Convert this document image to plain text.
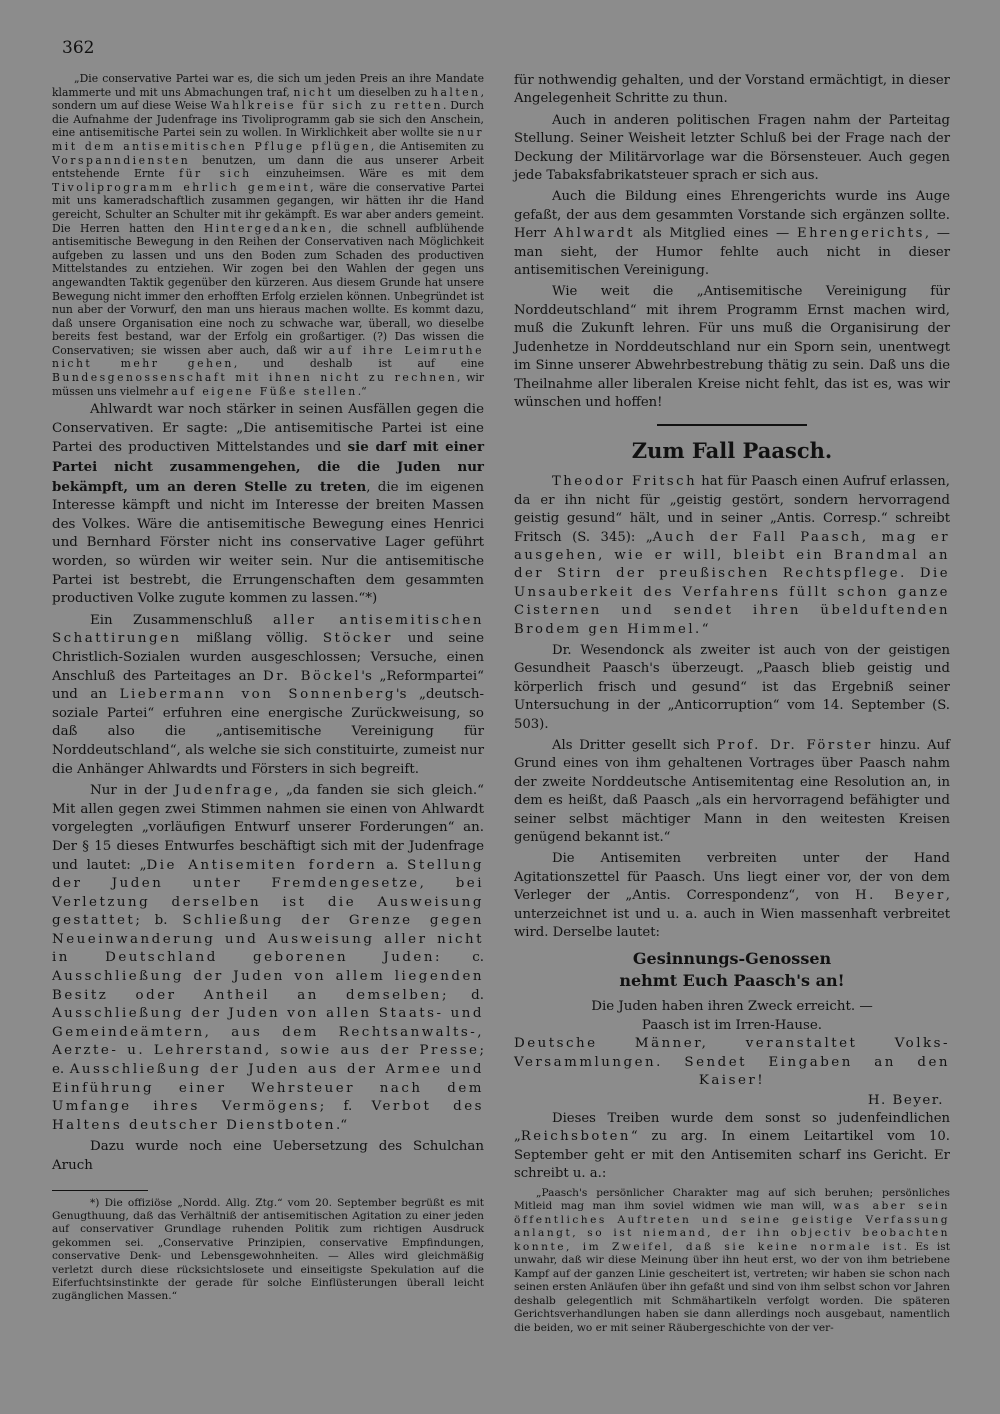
362

„Die conservative Partei war es, die sich um jeden Preis an ihre Mandate klammerte und mit uns Abmachungen traf, nicht um dieselben zu halten, sondern um auf diese Weise Wahlkreise für sich zu retten. Durch die Aufnahme der Judenfrage ins Tivoliprogramm gab sie sich den Anschein, eine antisemitische Partei sein zu wollen. In Wirklichkeit aber wollte sie nur mit dem antisemitischen Pfluge pflügen, die Antisemiten zu Vorspanndiensten benutzen, um dann die aus unserer Arbeit entstehende Ernte für sich einzuheimsen. Wäre es mit dem Tivoliprogramm ehrlich gemeint, wäre die conservative Partei mit uns kameradschaftlich zusammen gegangen, wir hätten ihr die Hand gereicht, Schulter an Schulter mit ihr gekämpft. Es war aber anders gemeint. Die Herren hatten den Hintergedanken, die schnell aufblühende antisemitische Bewegung in den Reihen der Conservativen nach Möglichkeit aufgeben zu lassen und uns den Boden zum Schaden des productiven Mittelstandes zu entziehen. Wir zogen bei den Wahlen der gegen uns angewandten Taktik gegenüber den kürzeren. Aus diesem Grunde hat unsere Bewegung nicht immer den erhofften Erfolg erzielen können. Unbegründet ist nun aber der Vorwurf, den man uns hieraus machen wollte. Es kommt dazu, daß unsere Organisation eine noch zu schwache war, überall, wo dieselbe bereits fest bestand, war der Erfolg ein großartiger. (?) Das wissen die Conservativen; sie wissen aber auch, daß wir auf ihre Leimruthe nicht mehr gehen, und deshalb ist auf eine Bundesgenossenschaft mit ihnen nicht zu rechnen, wir müssen uns vielmehr auf eigene Füße stellen.“

Ahlwardt war noch stärker in seinen Ausfällen gegen die Conservativen. Er sagte: „Die antisemitische Partei ist eine Partei des productiven Mittelstandes und sie darf mit einer Partei nicht zusammengehen, die die Juden nur bekämpft, um an deren Stelle zu treten, die im eigenen Interesse kämpft und nicht im Interesse der breiten Massen des Volkes. Wäre die antisemitische Bewegung eines Henrici und Bernhard Förster nicht ins conservative Lager geführt worden, so würden wir weiter sein. Nur die antisemitische Partei ist bestrebt, die Errungenschaften dem gesammten productiven Volke zugute kommen zu lassen.“*)

Ein Zusammenschluß aller antisemitischen Schattirungen mißlang völlig. Stöcker und seine Christlich-Sozialen wurden ausgeschlossen; Versuche, einen Anschluß des Parteitages an Dr. Böckel's „Reformpartei“ und an Liebermann von Sonnenberg's „deutsch-soziale Partei“ erfuhren eine energische Zurückweisung, so daß also die „antisemitische Vereinigung für Norddeutschland“, als welche sie sich constituirte, zumeist nur die Anhänger Ahlwardts und Försters in sich begreift.

Nur in der Judenfrage, „da fanden sie sich gleich.“ Mit allen gegen zwei Stimmen nahmen sie einen von Ahlwardt vorgelegten „vorläufigen Entwurf unserer Forderungen“ an. Der § 15 dieses Entwurfes beschäftigt sich mit der Judenfrage und lautet: „Die Antisemiten fordern a. Stellung der Juden unter Fremdengesetze, bei Verletzung derselben ist die Ausweisung gestattet; b. Schließung der Grenze gegen Neueinwanderung und Ausweisung aller nicht in Deutschland geborenen Juden: c. Ausschließung der Juden von allem liegenden Besitz oder Antheil an demselben; d. Ausschließung der Juden von allen Staats- und Gemeindeämtern, aus dem Rechtsanwalts-, Aerzte- u. Lehrerstand, sowie aus der Presse; e. Ausschließung der Juden aus der Armee und Einführung einer Wehrsteuer nach dem Umfange ihres Vermögens; f. Verbot des Haltens deutscher Dienstboten.“

Dazu wurde noch eine Uebersetzung des Schulchan Aruch

*) Die offiziöse „Nordd. Allg. Ztg.“ vom 20. September begrüßt es mit Genugthuung, daß das Verhältniß der antisemitischen Agitation zu einer jeden auf conservativer Grundlage ruhenden Politik zum richtigen Ausdruck gekommen sei. „Conservative Prinzipien, conservative Empfindungen, conservative Denk- und Lebensgewohnheiten. — Alles wird gleichmäßig verletzt durch diese rücksichtslosete und einseitigste Spekulation auf die Eiferfuchtsinstinkte der gerade für solche Einflüsterungen überall leicht zugänglichen Massen.“

für nothwendig gehalten, und der Vorstand ermächtigt, in dieser Angelegenheit Schritte zu thun.

Auch in anderen politischen Fragen nahm der Parteitag Stellung. Seiner Weisheit letzter Schluß bei der Frage nach der Deckung der Militärvorlage war die Börsensteuer. Auch gegen jede Tabaksfabrikatsteuer sprach er sich aus.

Auch die Bildung eines Ehrengerichts wurde ins Auge gefaßt, der aus dem gesammten Vorstande sich ergänzen sollte. Herr Ahlwardt als Mitglied eines — Ehrengerichts, — man sieht, der Humor fehlte auch nicht in dieser antisemitischen Vereinigung.

Wie weit die „Antisemitische Vereinigung für Norddeutschland“ mit ihrem Programm Ernst machen wird, muß die Zukunft lehren. Für uns muß die Organisirung der Judenhetze in Norddeutschland nur ein Sporn sein, unentwegt im Sinne unserer Abwehrbestrebung thätig zu sein. Daß uns die Theilnahme aller liberalen Kreise nicht fehlt, das ist es, was wir wünschen und hoffen!

Zum Fall Paasch.

Theodor Fritsch hat für Paasch einen Aufruf erlassen, da er ihn nicht für „geistig gestört, sondern hervorragend geistig gesund“ hält, und in seiner „Antis. Corresp.“ schreibt Fritsch (S. 345): „Auch der Fall Paasch, mag er ausgehen, wie er will, bleibt ein Brandmal an der Stirn der preußischen Rechtspflege. Die Unsauberkeit des Verfahrens füllt schon ganze Cisternen und sendet ihren übelduftenden Brodem gen Himmel.“

Dr. Wesendonck als zweiter ist auch von der geistigen Gesundheit Paasch's überzeugt. „Paasch blieb geistig und körperlich frisch und gesund“ ist das Ergebniß seiner Untersuchung in der „Anticorruption“ vom 14. September (S. 503).

Als Dritter gesellt sich Prof. Dr. Förster hinzu. Auf Grund eines von ihm gehaltenen Vortrages über Paasch nahm der zweite Norddeutsche Antisemitentag eine Resolution an, in dem es heißt, daß Paasch „als ein hervorragend befähigter und seiner selbst mächtiger Mann in den weitesten Kreisen genügend bekannt ist.“

Die Antisemiten verbreiten unter der Hand Agitationszettel für Paasch. Uns liegt einer vor, der von dem Verleger der „Antis. Correspondenz“, von H. Beyer, unterzeichnet ist und u. a. auch in Wien massenhaft verbreitet wird. Derselbe lautet:

Gesinnungs-Genossen
nehmt Euch Paasch's an!
Die Juden haben ihren Zweck erreicht. —
Paasch ist im Irren-Hause.
Deutsche Männer, veranstaltet Volks-Versammlungen. Sendet Eingaben an den Kaiser!
H. Beyer.

Dieses Treiben wurde dem sonst so judenfeindlichen „Reichsboten“ zu arg. In einem Leitartikel vom 10. September geht er mit den Antisemiten scharf ins Gericht. Er schreibt u. a.:

„Paasch's persönlicher Charakter mag auf sich beruhen; persönliches Mitleid mag man ihm soviel widmen wie man will, was aber sein öffentliches Auftreten und seine geistige Verfassung anlangt, so ist niemand, der ihn objectiv beobachten konnte, im Zweifel, daß sie keine normale ist. Es ist unwahr, daß wir diese Meinung über ihn heut erst, wo der von ihm betriebene Kampf auf der ganzen Linie gescheitert ist, vertreten; wir haben sie schon nach seinen ersten Anläufen über ihn gefaßt und sind von ihm selbst schon vor Jahren deshalb gelegentlich mit Schmähartikeln verfolgt worden. Die späteren Gerichtsverhandlungen haben sie dann allerdings noch ausgebaut, namentlich die beiden, wo er mit seiner Räubergeschichte von der ver-
